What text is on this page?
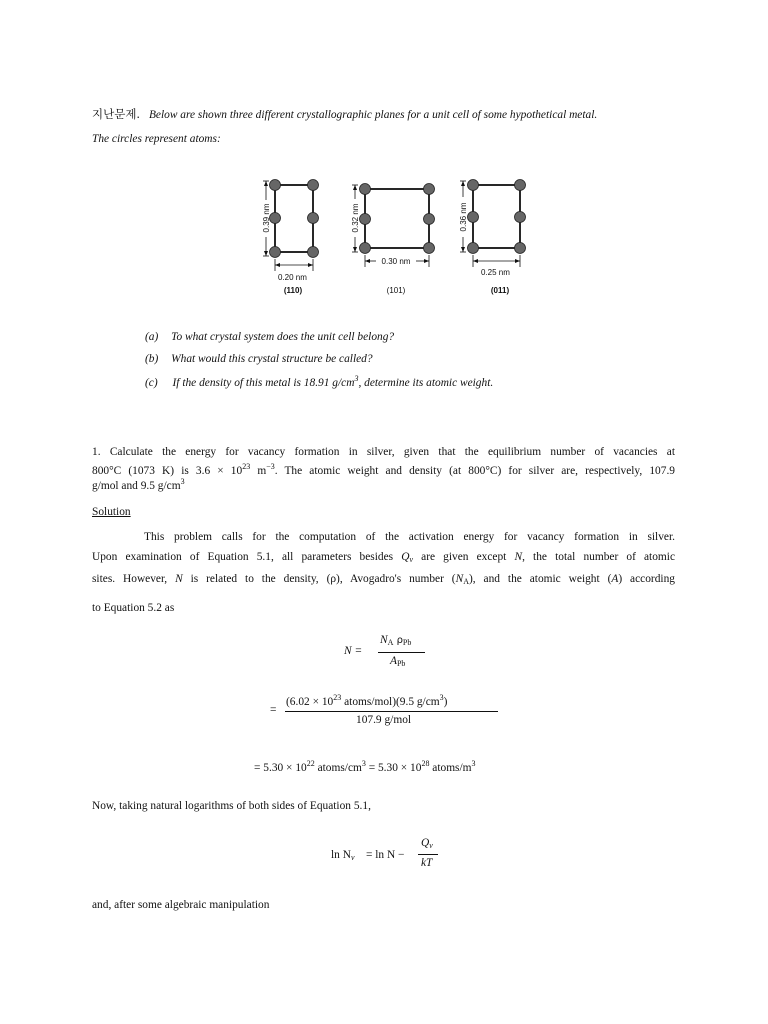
지난문제. Below are shown three different crystallographic planes for a unit cell of some hypothetical metal.
The circles represent atoms:
0.39 nm
0.20 nm
(110)
0.32 nm
0.30 nm
(101)
0.36 nm
0.25 nm
(011)
(a) To what crystal system does the unit cell belong?
(b) What would this crystal structure be called?
(c) If the density of this metal is 18.91 $g/cm^3$, determine its atomic weight.
1. Calculate the energy for vacancy formation in silver, given that the equilibrium number of vacancies at
800°C (1073 K) is $3.6 \times 10^{23}$ $m^{-3}$. The atomic weight and density (at 800°C) for silver are, respectively, 107.9
g/mol and 9.5 $g/cm^3$
Solution
This problem calls for the computation of the activation energy for vacancy formation in silver.
Upon examination of Equation 5.1, all parameters besides $Q_v$ are given except N, the total number of atomic
sites. However, N is related to the density, (ρ), Avogadro's number $(N_A)$, and the atomic weight (A) according
to Equation 5.2 as
N =
$N_A$ $\rho_{Pb}$
$A_{Pb}$
=
($6.02 \times 10^{23}$ atoms/mol)(9.5 $g/cm^3$)
107.9 g/mol
= $5.30 \times 10^{22}$ atoms/$cm^3 = 5.30 \times 10^{28}$ atoms/$m^3$
Now, taking natural logarithms of both sides of Equation 5.1,
$\ln N_v = \ln N$ −
$Q_v$
kT
and, after some algebraic manipulation
